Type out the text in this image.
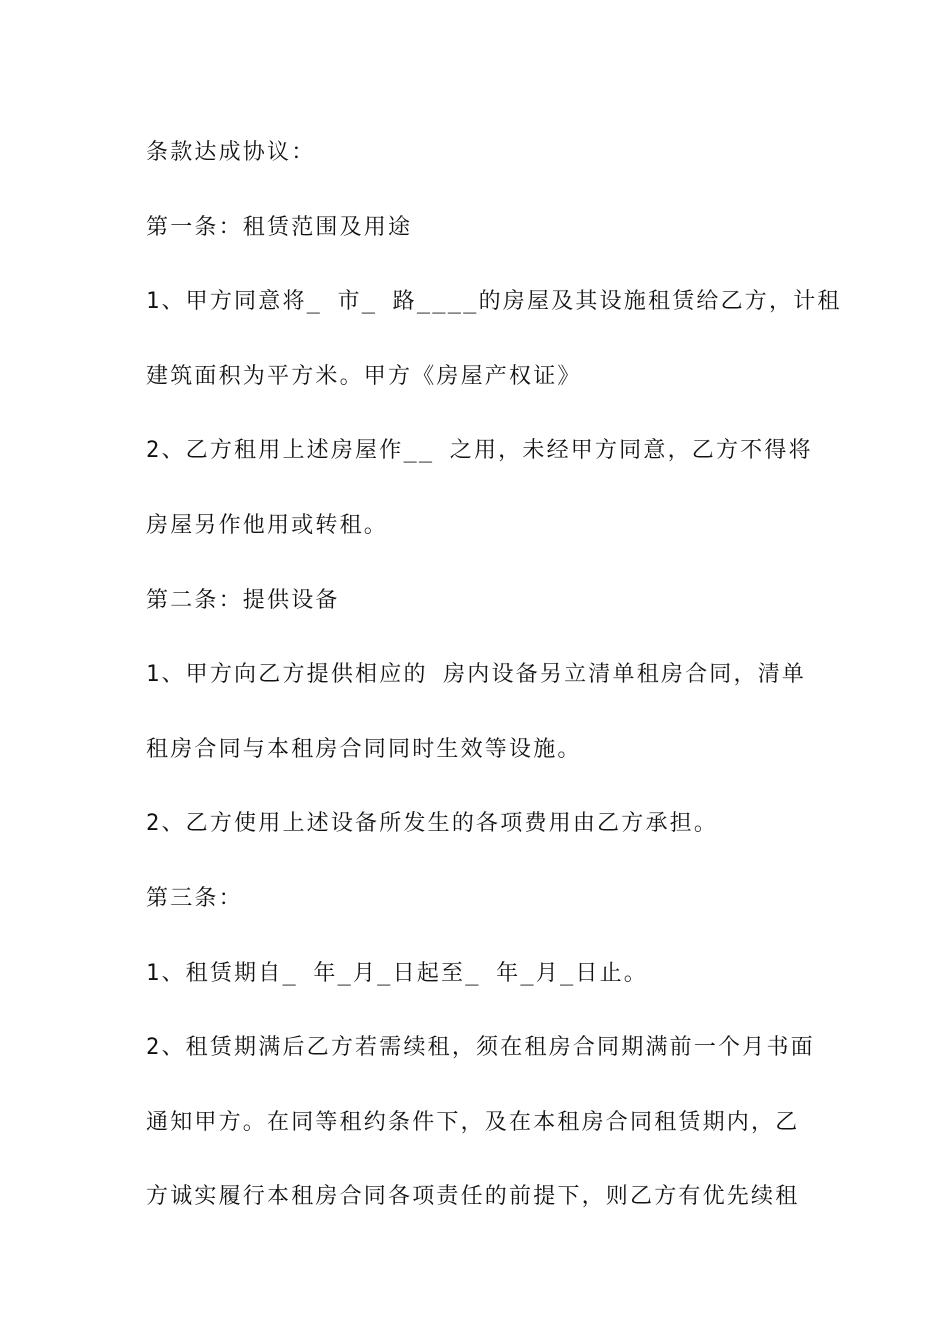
条款达成协议：

第一条：租赁范围及用途

1、甲方同意将_ 市_ 路____的房屋及其设施租赁给乙方，计租

建筑面积为平方米。甲方《房屋产权证》

2、乙方租用上述房屋作__ 之用，未经甲方同意，乙方不得将

房屋另作他用或转租。

第二条：提供设备

1、甲方向乙方提供相应的 房内设备另立清单租房合同，清单

租房合同与本租房合同同时生效等设施。

2、乙方使用上述设备所发生的各项费用由乙方承担。

第三条：

1、租赁期自_ 年_月_日起至_ 年_月_日止。

2、租赁期满后乙方若需续租，须在租房合同期满前一个月书面

通知甲方。在同等租约条件下，及在本租房合同租赁期内，乙

方诚实履行本租房合同各项责任的前提下，则乙方有优先续租
